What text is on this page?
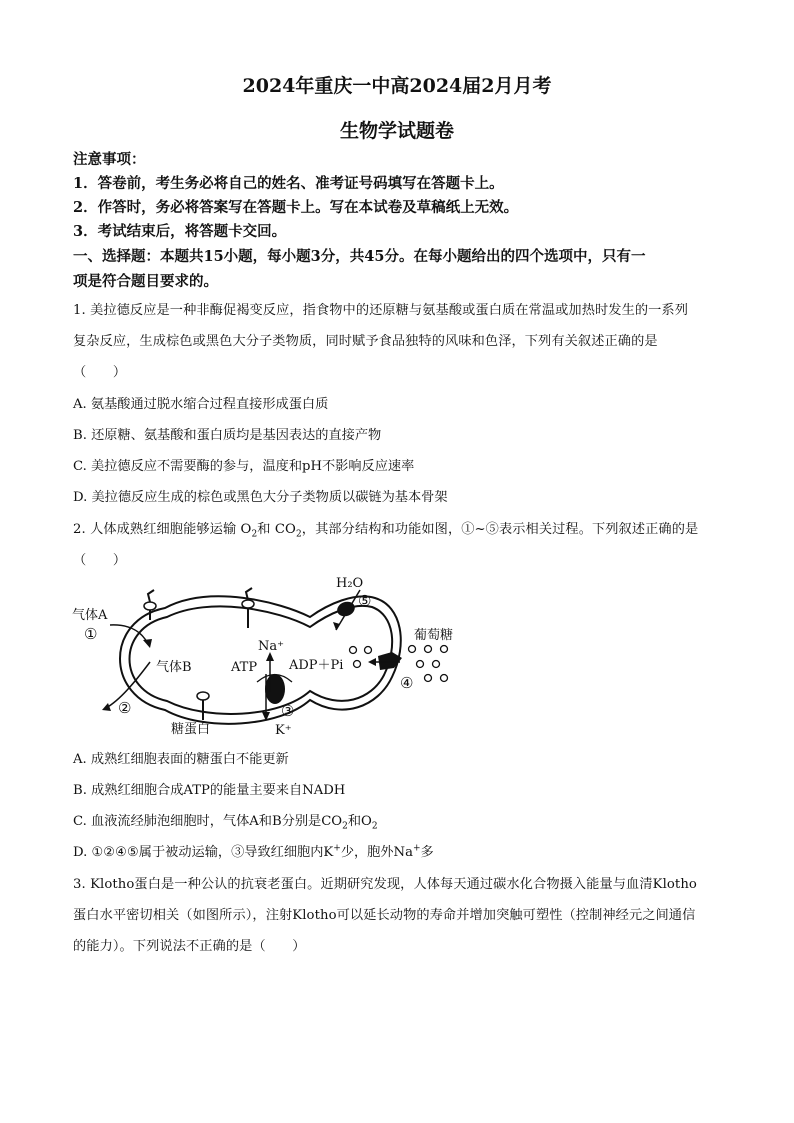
2024年重庆一中高2024届2月月考
生物学试题卷
注意事项：
1．答卷前，考生务必将自己的姓名、准考证号码填写在答题卡上。
2．作答时，务必将答案写在答题卡上。写在本试卷及草稿纸上无效。
3．考试结束后，将答题卡交回。
一、选择题：本题共15小题，每小题3分，共45分。在每小题给出的四个选项中，只有一
项是符合题目要求的。
1. 美拉德反应是一种非酶促褐变反应，指食物中的还原糖与氨基酸或蛋白质在常温或加热时发生的一系列
复杂反应，生成棕色或黑色大分子类物质，同时赋予食品独特的风味和色泽，下列有关叙述正确的是
（　　）
A. 氨基酸通过脱水缩合过程直接形成蛋白质
B. 还原糖、氨基酸和蛋白质均是基因表达的直接产物
C. 美拉德反应不需要酶的参与，温度和pH不影响反应速率
D. 美拉德反应生成的棕色或黑色大分子类物质以碳链为基本骨架
2. 人体成熟红细胞能够运输 $O_2$和 $CO_2$，其部分结构和功能如图，①~⑤表示相关过程。下列叙述正确的是
（　　）
气体A
①
气体B
②
糖蛋白
H₂O
⑤
葡萄糖
④
Na⁺
ATP ADP＋Pi
③
K⁺
A. 成熟红细胞表面的糖蛋白不能更新
B. 成熟红细胞合成ATP的能量主要来自NADH
C. 血液流经肺泡细胞时，气体A和B分别是$CO_2$和$O_2$
D. ①②④⑤属于被动运输，③导致红细胞内K+少，胞外Na+多
3. Klotho蛋白是一种公认的抗衰老蛋白。近期研究发现，人体每天通过碳水化合物摄入能量与血清Klotho
蛋白水平密切相关（如图所示），注射Klotho可以延长动物的寿命并增加突触可塑性（控制神经元之间通信
的能力）。下列说法不正确的是（　　）
